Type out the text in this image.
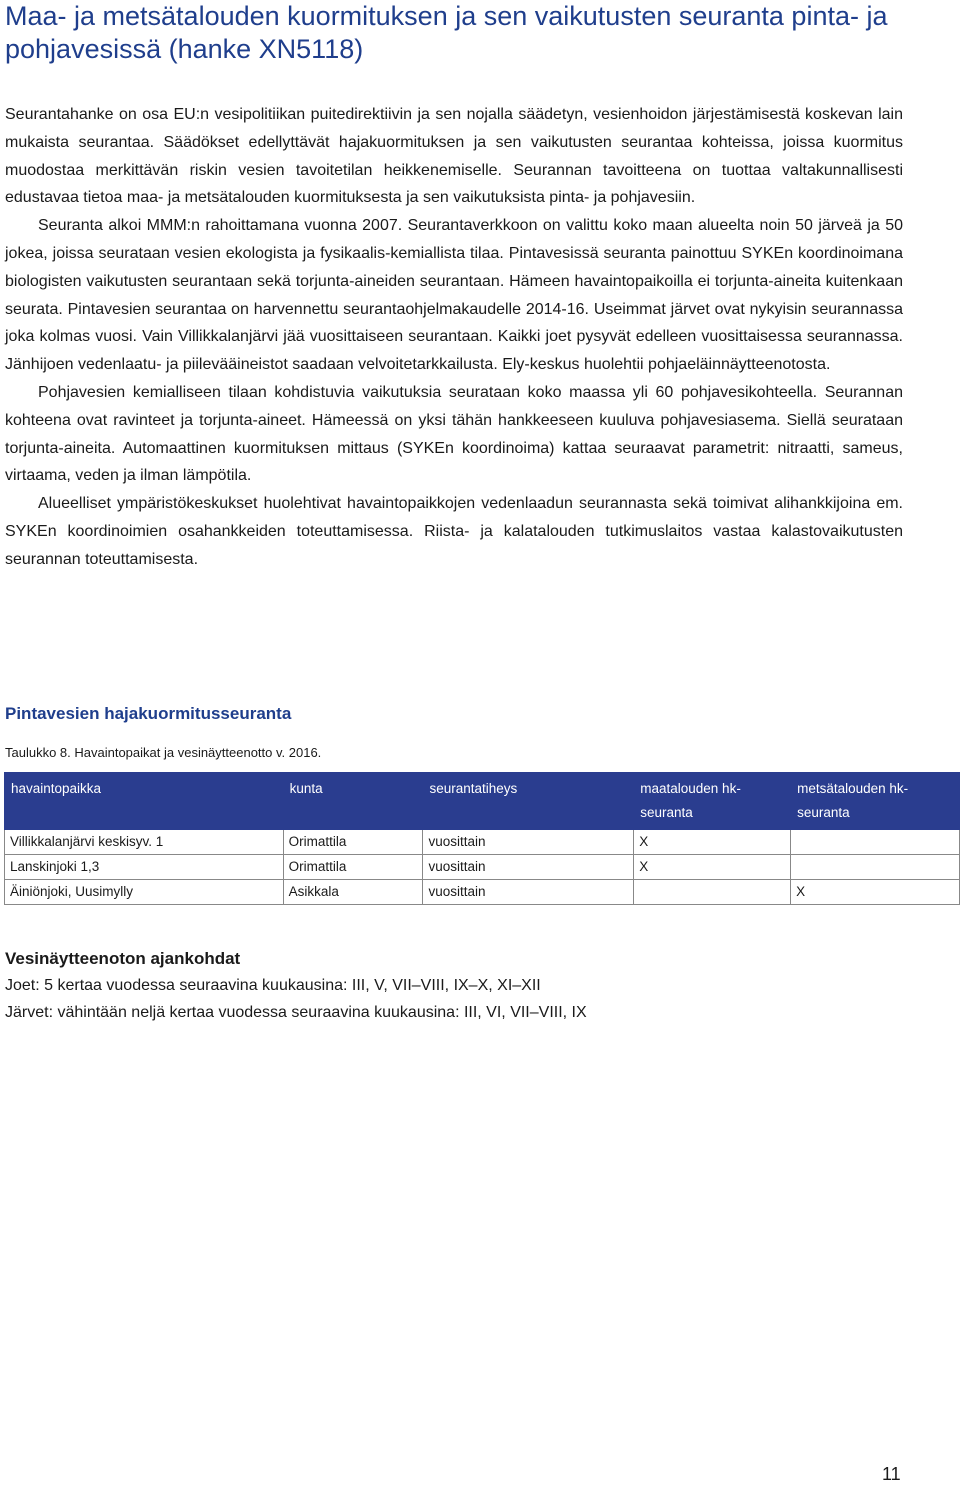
Maa- ja metsätalouden kuormituksen ja sen vaikutusten seuranta pinta- ja pohjavesissä (hanke XN5118)

Seurantahanke on osa EU:n vesipolitiikan puitedirektiivin ja sen nojalla säädetyn, vesienhoidon järjestämisestä koskevan lain mukaista seurantaa. Säädökset edellyttävät hajakuormituksen ja sen vaikutusten seurantaa kohteissa, joissa kuormitus muodostaa merkittävän riskin vesien tavoitetilan heikkenemiselle. Seurannan tavoitteena on tuottaa valtakunnallisesti edustavaa tietoa maa- ja metsätalouden kuormituksesta ja sen vaikutuksista pinta- ja pohjavesiin.

Seuranta alkoi MMM:n rahoittamana vuonna 2007. Seurantaverkkoon on valittu koko maan alueelta noin 50 järveä ja 50 jokea, joissa seurataan vesien ekologista ja fysikaalis-kemiallista tilaa. Pintavesissä seuranta painottuu SYKEn koordinoimana biologisten vaikutusten seurantaan sekä torjunta-aineiden seurantaan. Hämeen havaintopaikoilla ei torjunta-aineita kuitenkaan seurata. Pintavesien seurantaa on harvennettu seurantaohjelmakaudelle 2014-16. Useimmat järvet ovat nykyisin seurannassa joka kolmas vuosi. Vain Villikkalanjärvi jää vuosittaiseen seurantaan. Kaikki joet pysyvät edelleen vuosittaisessa seurannassa. Jänhijoen vedenlaatu- ja piilevääineistot saadaan velvoitetarkkailusta. Ely-keskus huolehtii pohjaeläinnäytteenotosta.

Pohjavesien kemialliseen tilaan kohdistuvia vaikutuksia seurataan koko maassa yli 60 pohjavesikohteella. Seurannan kohteena ovat ravinteet ja torjunta-aineet. Hämeessä on yksi tähän hankkeeseen kuuluva pohjavesiasema. Siellä seurataan torjunta-aineita. Automaattinen kuormituksen mittaus (SYKEn koordinoima) kattaa seuraavat parametrit: nitraatti, sameus, virtaama, veden ja ilman lämpötila.

Alueelliset ympäristökeskukset huolehtivat havaintopaikkojen vedenlaadun seurannasta sekä toimivat alihankkijoina em. SYKEn koordinoimien osahankkeiden toteuttamisessa. Riista- ja kalatalouden tutkimuslaitos vastaa kalastovaikutusten seurannan toteuttamisesta.

Pintavesien hajakuormitusseuranta
Taulukko 8. Havaintopaikat ja vesinäytteenotto v. 2016.
havaintopaikka	kunta	seurantatiheys	maatalouden hk-seuranta	metsätalouden hk-seuranta
Villikkalanjärvi keskisyv. 1	Orimattila	vuosittain	X	
Lanskinjoki 1,3	Orimattila	vuosittain	X	
Äiniönjoki, Uusimylly	Asikkala	vuosittain		X
Vesinäytteenoton ajankohdat

Joet: 5 kertaa vuodessa seuraavina kuukausina: III, V, VII–VIII, IX–X, XI–XII

Järvet: vähintään neljä kertaa vuodessa seuraavina kuukausina: III, VI, VII–VIII, IX

11
